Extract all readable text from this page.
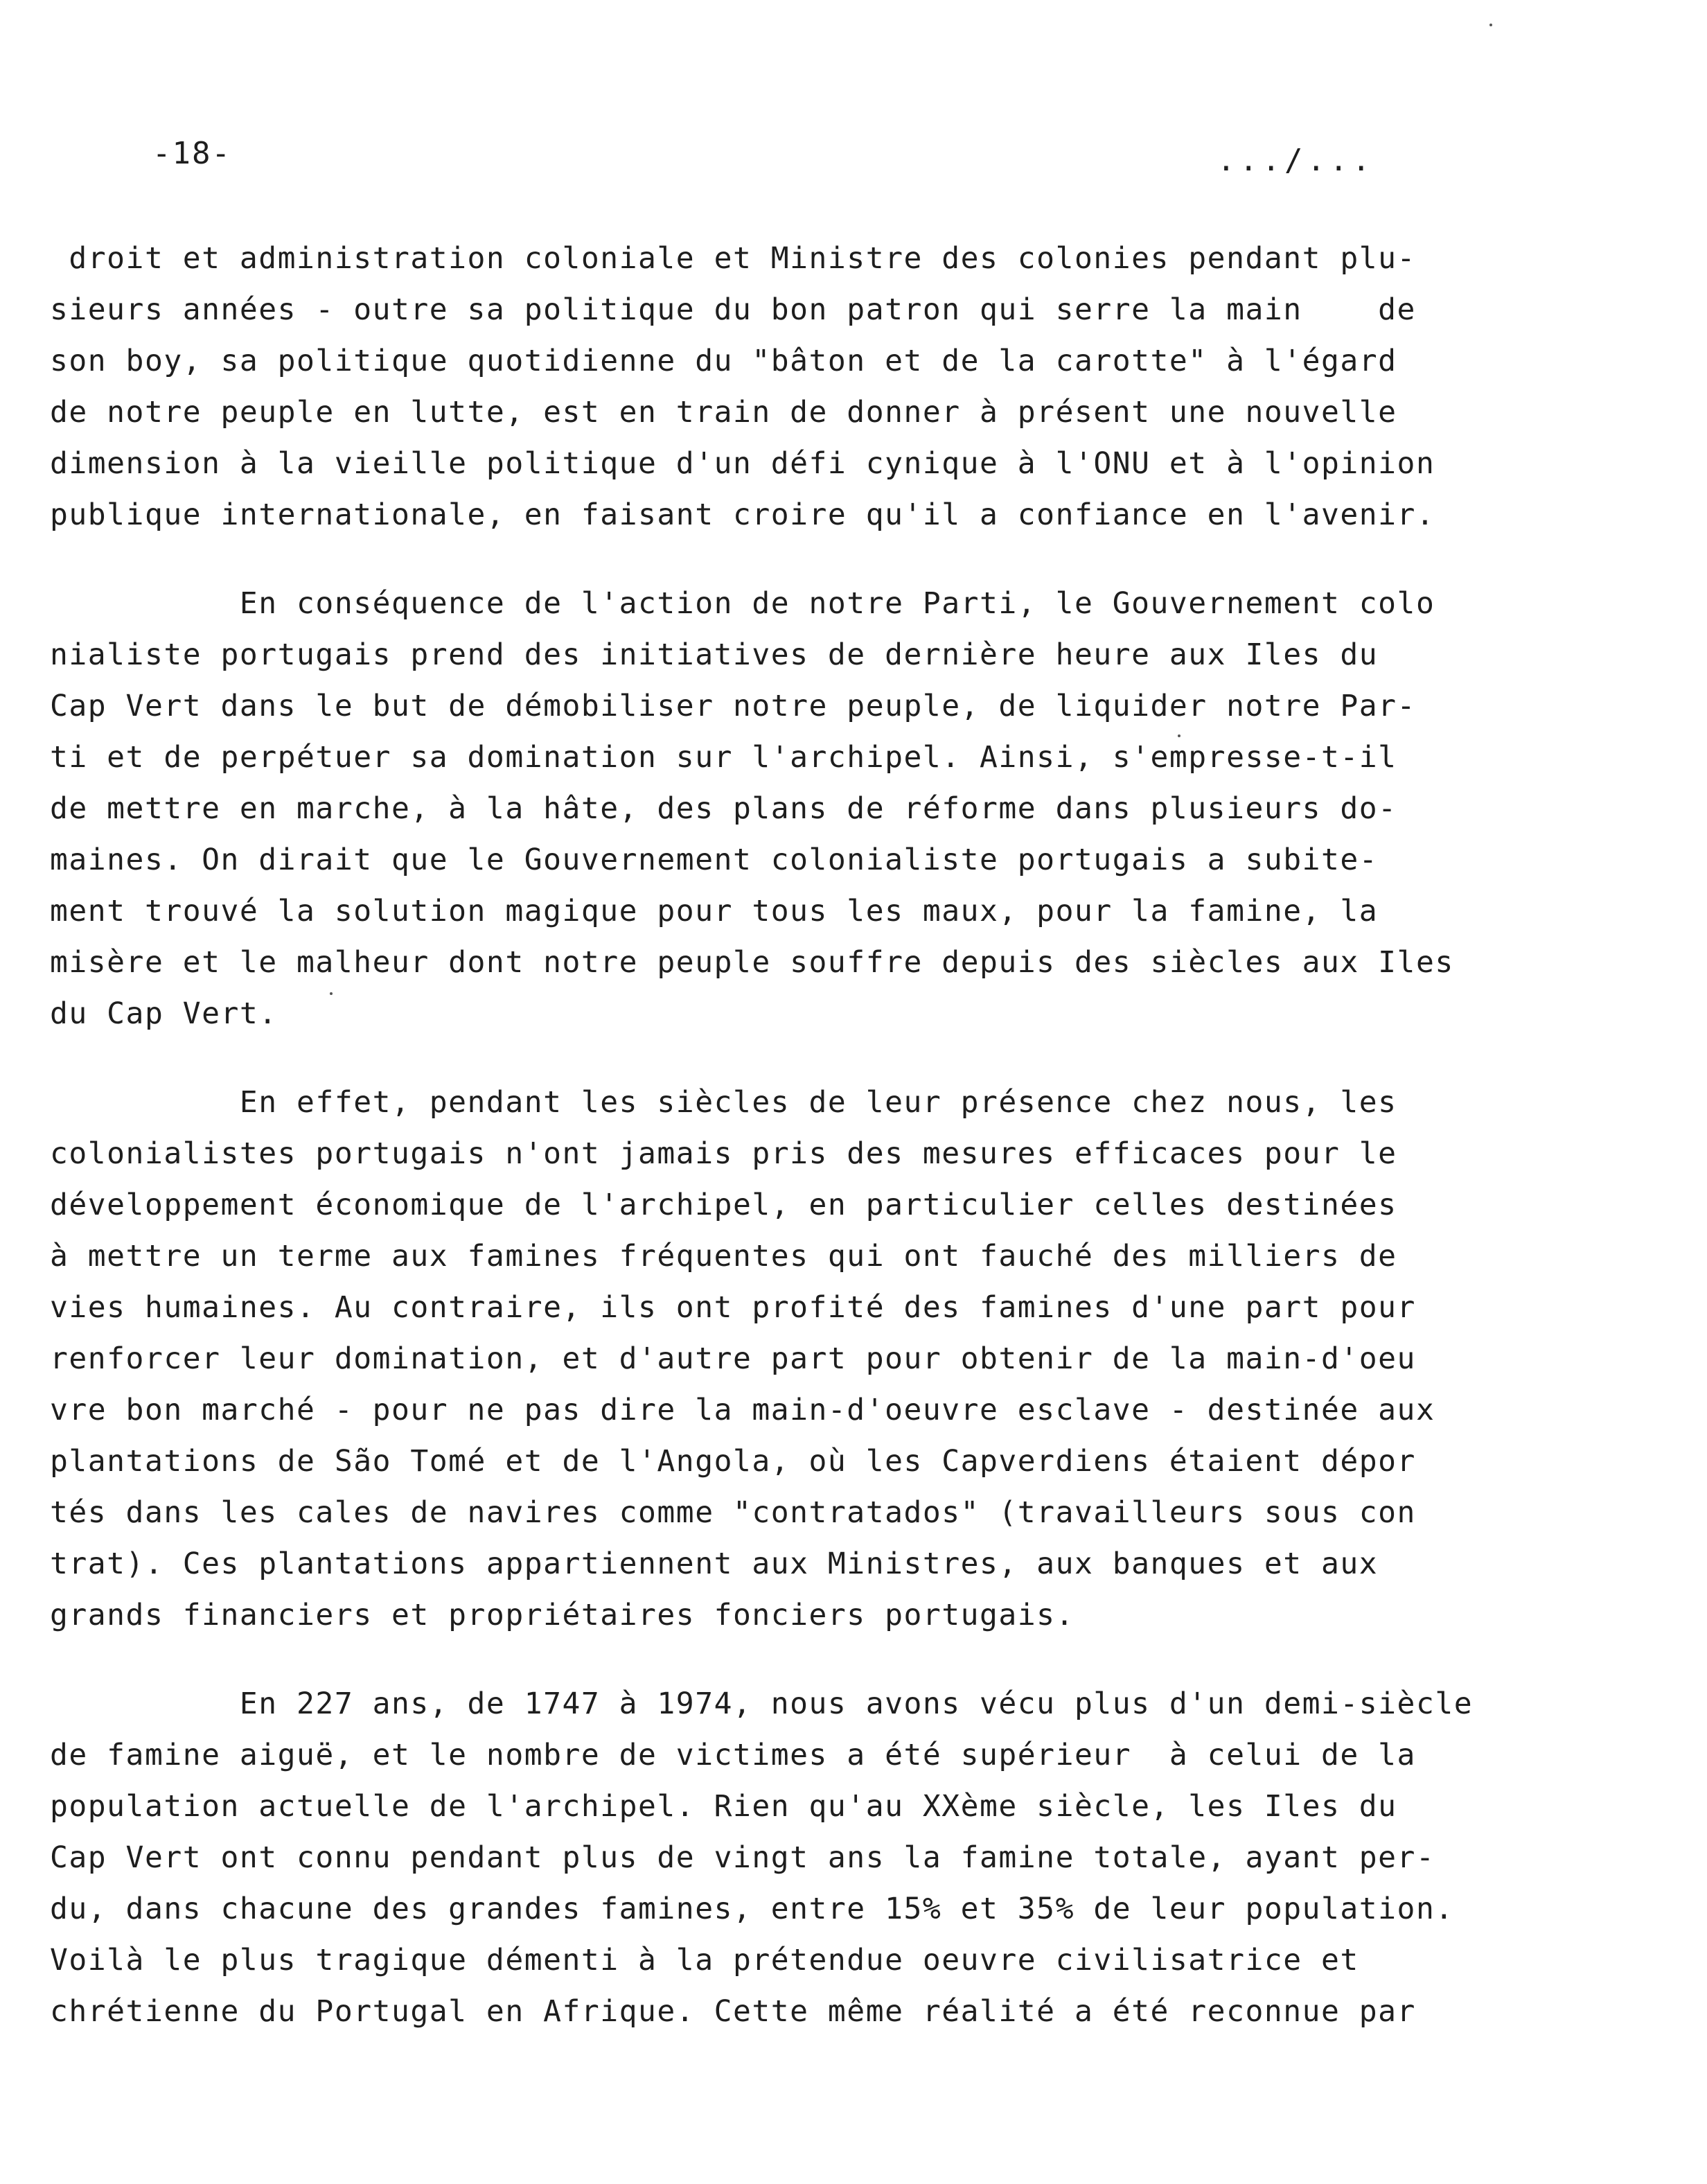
-18-	.../...
droit et administration coloniale et Ministre des colonies pendant plu-
sieurs années - outre sa politique du bon patron qui serre la main    de
son boy, sa politique quotidienne du "bâton et de la carotte" à l'égard
de notre peuple en lutte, est en train de donner à présent une nouvelle
dimension à la vieille politique d'un défi cynique à l'ONU et à l'opinion
publique internationale, en faisant croire qu'il a confiance en l'avenir.
En conséquence de l'action de notre Parti, le Gouvernement colo
nialiste portugais prend des initiatives de dernière heure aux Iles du
Cap Vert dans le but de démobiliser notre peuple, de liquider notre Par-
ti et de perpétuer sa domination sur l'archipel. Ainsi, s'empresse-t-il
de mettre en marche, à la hâte, des plans de réforme dans plusieurs do-
maines. On dirait que le Gouvernement colonialiste portugais a subite-
ment trouvé la solution magique pour tous les maux, pour la famine, la
misère et le malheur dont notre peuple souffre depuis des siècles aux Iles
du Cap Vert.
En effet, pendant les siècles de leur présence chez nous, les
colonialistes portugais n'ont jamais pris des mesures efficaces pour le
développement économique de l'archipel, en particulier celles destinées
à mettre un terme aux famines fréquentes qui ont fauché des milliers de
vies humaines. Au contraire, ils ont profité des famines d'une part pour
renforcer leur domination, et d'autre part pour obtenir de la main-d'oeu
vre bon marché - pour ne pas dire la main-d'oeuvre esclave - destinée aux
plantations de São Tomé et de l'Angola, où les Capverdiens étaient dépor
tés dans les cales de navires comme "contratados" (travailleurs sous con
trat). Ces plantations appartiennent aux Ministres, aux banques et aux
grands financiers et propriétaires fonciers portugais.
En 227 ans, de 1747 à 1974, nous avons vécu plus d'un demi-siècle
de famine aiguë, et le nombre de victimes a été supérieur  à celui de la
population actuelle de l'archipel. Rien qu'au XXème siècle, les Iles du
Cap Vert ont connu pendant plus de vingt ans la famine totale, ayant per-
du, dans chacune des grandes famines, entre 15% et 35% de leur population.
Voilà le plus tragique démenti à la prétendue oeuvre civilisatrice et
chrétienne du Portugal en Afrique. Cette même réalité a été reconnue par
